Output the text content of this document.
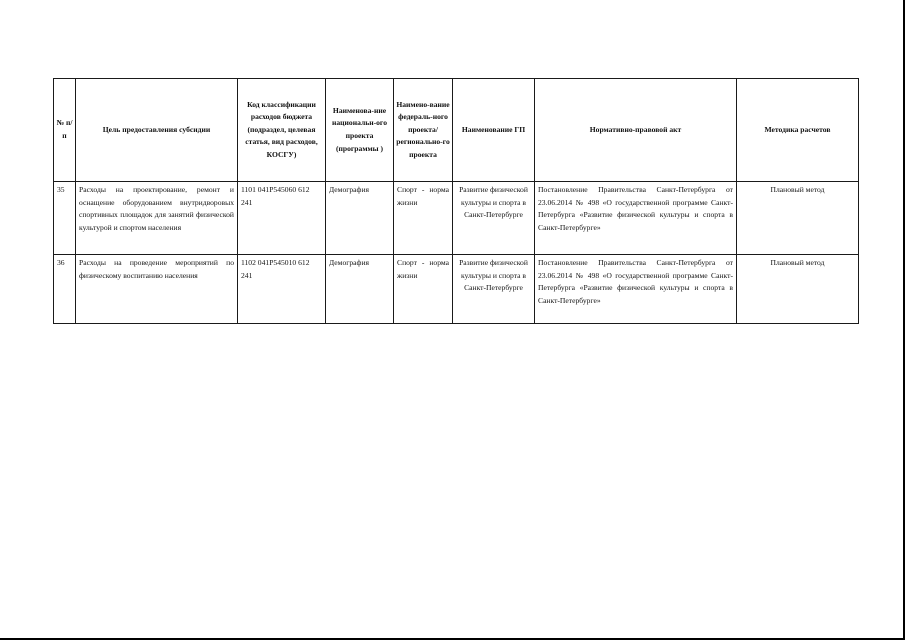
№ п/ п	Цель предоставления субсидии	Код классификации расходов бюджета (подраздел, целевая статья, вид расходов, КОСГУ)	Наименова-ние национальн-ого проекта (программы )	Наимено-вание федераль-ного проекта/ регионально-го проекта	Наименование ГП	Нормативно-правовой акт	Методика расчетов
35	Расходы на проектирование, ремонт и оснащение оборудованием внутридворовых спортивных площадок для занятий физической культурой и спортом населения	1101 041P545060 612 241	Демография	Спорт - норма жизни	Развитие физической культуры и спорта в Санкт-Петербурге	Постановление Правительства Санкт-Петербурга от 23.06.2014 № 498 «О государственной программе Санкт-Петербурга «Развитие физической культуры и спорта в Санкт-Петербурге»	Плановый метод
36	Расходы на проведение мероприятий по физическому воспитанию населения	1102 041P545010 612 241	Демография	Спорт - норма жизни	Развитие физической культуры и спорта в Санкт-Петербурге	Постановление Правительства Санкт-Петербурга от 23.06.2014 № 498 «О государственной программе Санкт-Петербурга «Развитие физической культуры и спорта в Санкт-Петербурге»	Плановый метод
